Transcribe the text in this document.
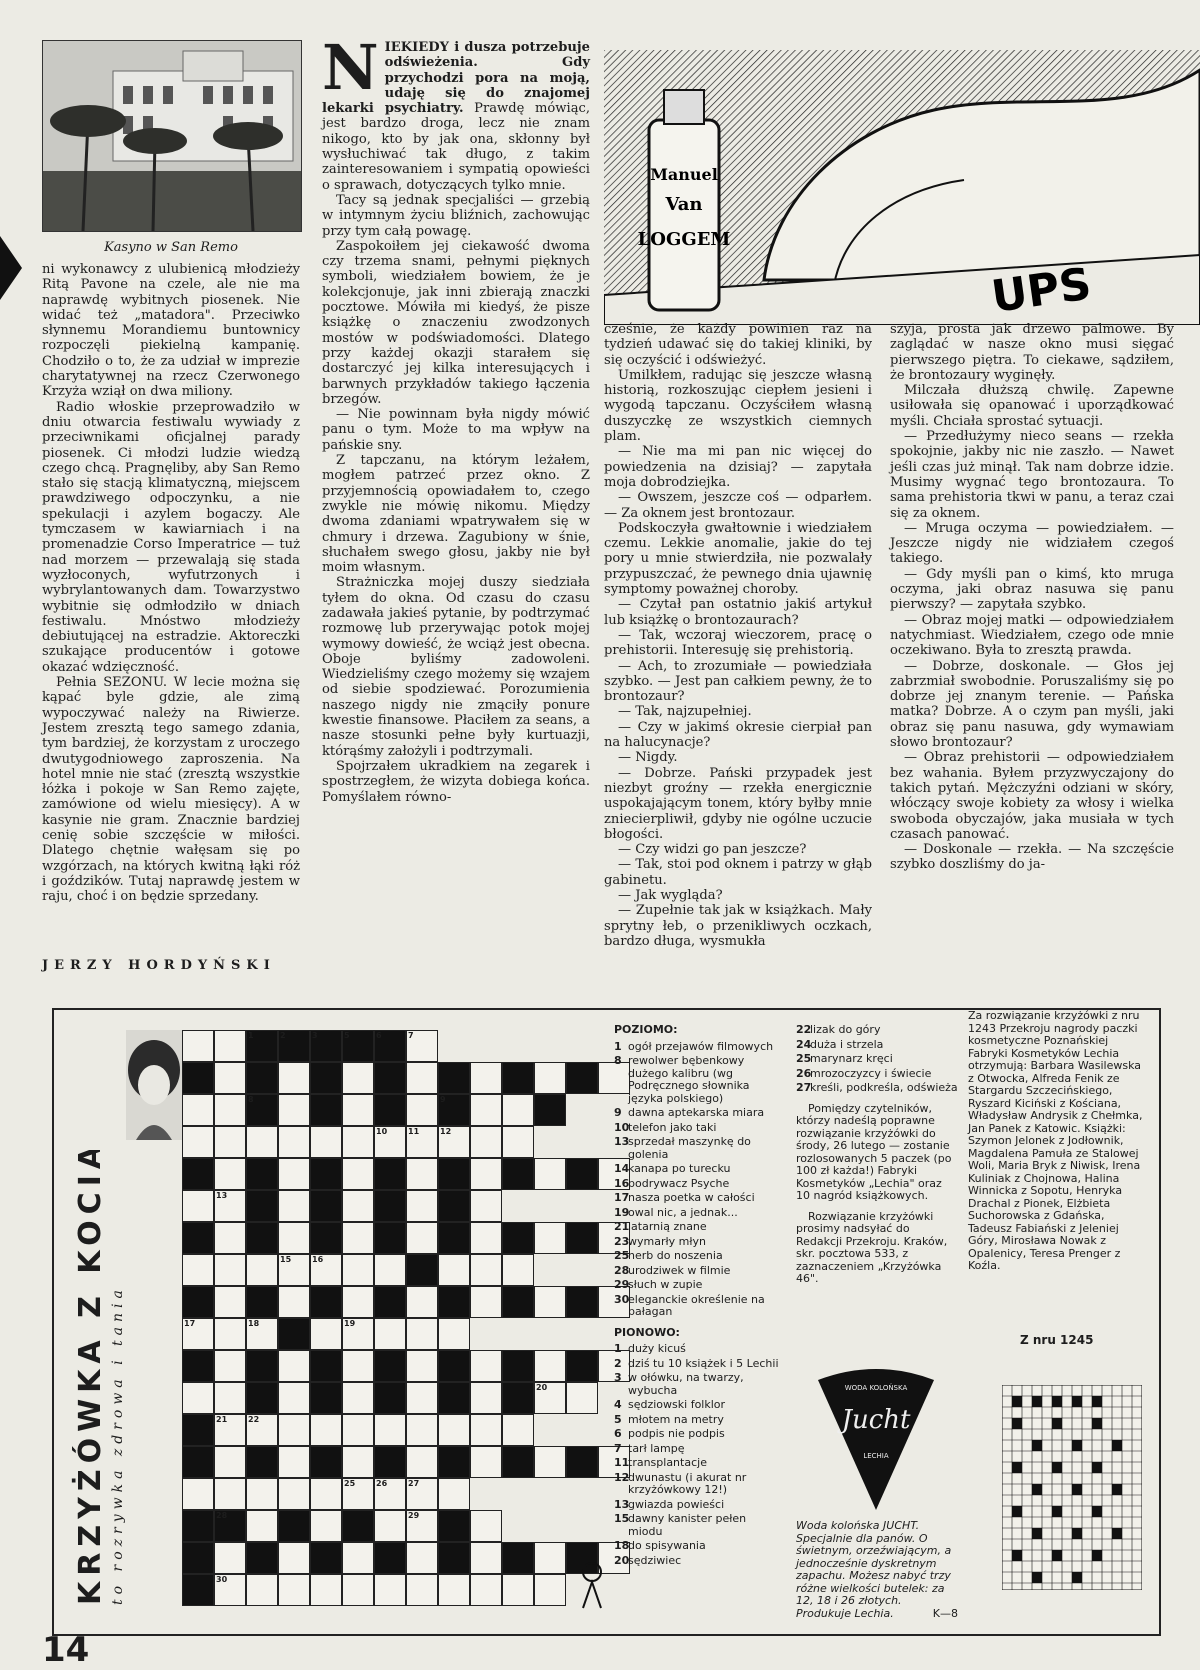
Kasyno w San Remo

ni wykonawcy z ulubienicą młodzieży Ritą Pavone na czele, ale nie ma naprawdę wybitnych piosenek. Nie widać też „matadora". Przeciwko słynnemu Morandiemu buntownicy rozpoczęli piekielną kampanię. Chodziło o to, że za udział w imprezie charytatywnej na rzecz Czerwonego Krzyża wziął on dwa miliony.

Radio włoskie przeprowadziło w dniu otwarcia festiwalu wywiady z przeciwnikami oficjalnej parady piosenek. Ci młodzi ludzie wiedzą czego chcą. Pragnęliby, aby San Remo stało się stacją klimatyczną, miejscem prawdziwego odpoczynku, a nie spekulacji i azylem bogaczy. Ale tymczasem w kawiarniach i na promenadzie Corso Imperatrice — tuż nad morzem — przewalają się stada wyzłoconych, wyfutrzonych i wybrylantowanych dam. Towarzystwo wybitnie się odmłodziło w dniach festiwalu. Mnóstwo młodzieży debiutującej na estradzie. Aktoreczki szukające producentów i gotowe okazać wdzięczność.

Pełnia SEZONU. W lecie można się kąpać byle gdzie, ale zimą wypoczywać należy na Riwierze. Jestem zresztą tego samego zdania, tym bardziej, że korzystam z uroczego dwutygodniowego zaproszenia. Na hotel mnie nie stać (zresztą wszystkie łóżka i pokoje w San Remo zajęte, zamówione od wielu miesięcy). A w kasynie nie gram. Znacznie bardziej cenię sobie szczęście w miłości. Dlatego chętnie wałęsam się po wzgórzach, na których kwitną łąki róż i goździków. Tutaj naprawdę jestem w raju, choć i on będzie sprzedany.

JERZY HORDYŃSKI

NIEKIEDY i dusza potrzebuje odświeżenia. Gdy przychodzi pora na moją, udaję się do znajomej lekarki psychiatry. Prawdę mówiąc, jest bardzo droga, lecz nie znam nikogo, kto by jak ona, skłonny był wysłuchiwać tak długo, z takim zainteresowaniem i sympatią opowieści o sprawach, dotyczących tylko mnie.

Tacy są jednak specjaliści — grzebią w intymnym życiu bliźnich, zachowując przy tym całą powagę.

Zaspokoiłem jej ciekawość dwoma czy trzema snami, pełnymi pięknych symboli, wiedziałem bowiem, że je kolekcjonuje, jak inni zbierają znaczki pocztowe. Mówiła mi kiedyś, że pisze książkę o znaczeniu zwodzonych mostów w podświadomości. Dlatego przy każdej okazji starałem się dostarczyć jej kilka interesujących i barwnych przykładów takiego łączenia brzegów.

— Nie powinnam była nigdy mówić panu o tym. Może to ma wpływ na pańskie sny.

Z tapczanu, na którym leżałem, mogłem patrzeć przez okno. Z przyjemnością opowiadałem to, czego zwykle nie mówię nikomu. Między dwoma zdaniami wpatrywałem się w chmury i drzewa. Zagubiony w śnie, słuchałem swego głosu, jakby nie był moim własnym.

Strażniczka mojej duszy siedziała tyłem do okna. Od czasu do czasu zadawała jakieś pytanie, by podtrzymać rozmowę lub przerywając potok mojej wymowy dowieść, że wciąż jest obecna. Oboje byliśmy zadowoleni. Wiedzieliśmy czego możemy się wzajem od siebie spodziewać. Porozumienia naszego nigdy nie zmąciły ponure kwestie finansowe. Płaciłem za seans, a nasze stosunki pełne były kurtuazji, którąśmy założyli i podtrzymali.

Spojrzałem ukradkiem na zegarek i spostrzegłem, że wizyta dobiega końca. Pomyślałem równo-

Manuel
Van
LOGGEM
UPS

cześnie, że każdy powinien raz na tydzień udawać się do takiej kliniki, by się oczyścić i odświeżyć.

Umilkłem, radując się jeszcze własną historią, rozkoszując ciepłem jesieni i wygodą tapczanu. Oczyściłem własną duszyczkę ze wszystkich ciemnych plam.

— Nie ma mi pan nic więcej do powiedzenia na dzisiaj? — zapytała moja dobrodziejka.

— Owszem, jeszcze coś — odparłem. — Za oknem jest brontozaur.

Podskoczyła gwałtownie i wiedziałem czemu. Lekkie anomalie, jakie do tej pory u mnie stwierdziła, nie pozwalały przypuszczać, że pewnego dnia ujawnię symptomy poważnej choroby.

— Czytał pan ostatnio jakiś artykuł lub książkę o brontozaurach?

— Tak, wczoraj wieczorem, pracę o prehistorii. Interesuję się prehistorią.

— Ach, to zrozumiałe — powiedziała szybko. — Jest pan całkiem pewny, że to brontozaur?

— Tak, najzupełniej.

— Czy w jakimś okresie cierpiał pan na halucynacje?

— Nigdy.

— Dobrze. Pański przypadek jest niezbyt groźny — rzekła energicznie uspokajającym tonem, który byłby mnie zniecierpliwił, gdyby nie ogólne uczucie błogości.

— Czy widzi go pan jeszcze?

— Tak, stoi pod oknem i patrzy w głąb gabinetu.

— Jak wygląda?

— Zupełnie tak jak w książkach. Mały sprytny łeb, o przenikliwych oczkach, bardzo długa, wysmukła

szyja, prosta jak drzewo palmowe. By zaglądać w nasze okno musi sięgać pierwszego piętra. To ciekawe, sądziłem, że brontozaury wyginęły.

Milczała dłuższą chwilę. Zapewne usiłowała się opanować i uporządkować myśli. Chciała sprostać sytuacji.

— Przedłużymy nieco seans — rzekła spokojnie, jakby nic nie zaszło. — Nawet jeśli czas już minął. Tak nam dobrze idzie. Musimy wygnać tego brontozaura. To sama prehistoria tkwi w panu, a teraz czai się za oknem.

— Mruga oczyma — powiedziałem. — Jeszcze nigdy nie widziałem czegoś takiego.

— Gdy myśli pan o kimś, kto mruga oczyma, jaki obraz nasuwa się panu pierwszy? — zapytała szybko.

— Obraz mojej matki — odpowiedziałem natychmiast. Wiedziałem, czego ode mnie oczekiwano. Była to zresztą prawda.

— Dobrze, doskonale. — Głos jej zabrzmiał swobodnie. Poruszaliśmy się po dobrze jej znanym terenie. — Pańska matka? Dobrze. A o czym pan myśli, jaki obraz się panu nasuwa, gdy wymawiam słowo brontozaur?

— Obraz prehistorii — odpowiedziałem bez wahania. Byłem przyzwyczajony do takich pytań. Mężczyźni odziani w skóry, włóczący swoje kobiety za włosy i wielka swoboda obyczajów, jaka musiała w tych czasach panować.

— Doskonale — rzekła. — Na szczęście szybko doszliśmy do ja-

KRZYŻÓWKA Z KOCIAKIEM to rozrywka zdrowa i tania
1	2	3	5	6	7
8	9
10	11	12
13
15	16
17	18	19
20
21	22
25	26	27
28	29
30
POZIOMO:
1 ogół przejawów filmowych
8 rewolwer bębenkowy dużego kalibru (wg Podręcznego słownika języka polskiego)
9 dawna aptekarska miara
10telefon jako taki
13sprzedał maszynkę do golenia
14kanapa po turecku
16podrywacz Psyche
17nasza poetka w całości
19owal nic, a jednak...
21latarnią znane
23wymarły młyn
25herb do noszenia
28urodziwek w filmie
29słuch w zupie
30eleganckie określenie na bałagan
PIONOWO:
1 duży kicuś
2 dziś tu 10 książek i 5 Lechii
3 w ołówku, na twarzy, wybucha
4 sędziowski folklor
5 młotem na metry
6 podpis nie podpis
7 tarł lampę
11transplantacje
12dwunastu (i akurat nr krzyżówkowy 12!)
13gwiazda powieści
15dawny kanister pełen miodu
18do spisywania
20sędziwiec
22lizak do góry
24duża i strzela
25marynarz kręci
26mrozoczyzcy i świecie
27kreśli, podkreśla, odświeża
Pomiędzy czytelników, którzy nadeślą poprawne rozwiązanie krzyżówki do środy, 26 lutego — zostanie rozlosowanych 5 paczek (po 100 zł każda!) Fabryki Kosmetyków „Lechia" oraz 10 nagród książkowych.
Rozwiązanie krzyżówki prosimy nadsyłać do Redakcji Przekroju. Kraków, skr. pocztowa 533, z zaznaczeniem „Krzyżówka 46".
WODA KOLOŃSKA
Jucht
LECHIA
Woda kolońska JUCHT. Specjalnie dla panów. O świetnym, orzeźwiającym, a jednocześnie dyskretnym zapachu. Możesz nabyć trzy różne wielkości butelek: za 12, 18 i 26 złotych. Produkuje Lechia.	K—8
Za rozwiązanie krzyżówki z nru 1243 Przekroju nagrody paczki kosmetyczne Poznańskiej Fabryki Kosmetyków Lechia otrzymują: Barbara Wasilewska z Otwocka, Alfreda Fenik ze Stargardu Szczecińskiego, Ryszard Kiciński z Kościana, Władysław Andrysik z Chełmka, Jan Panek z Katowic. Książki: Szymon Jelonek z Jodłownik, Magdalena Pamuła ze Stalowej Woli, Maria Bryk z Niwisk, Irena Kuliniak z Chojnowa, Halina Winnicka z Sopotu, Henryka Drachal z Pionek, Elżbieta Suchorowska z Gdańska, Tadeusz Fabiański z Jeleniej Góry, Mirosława Nowak z Opalenicy, Teresa Prenger z Koźla.
Z nru 1245
14
